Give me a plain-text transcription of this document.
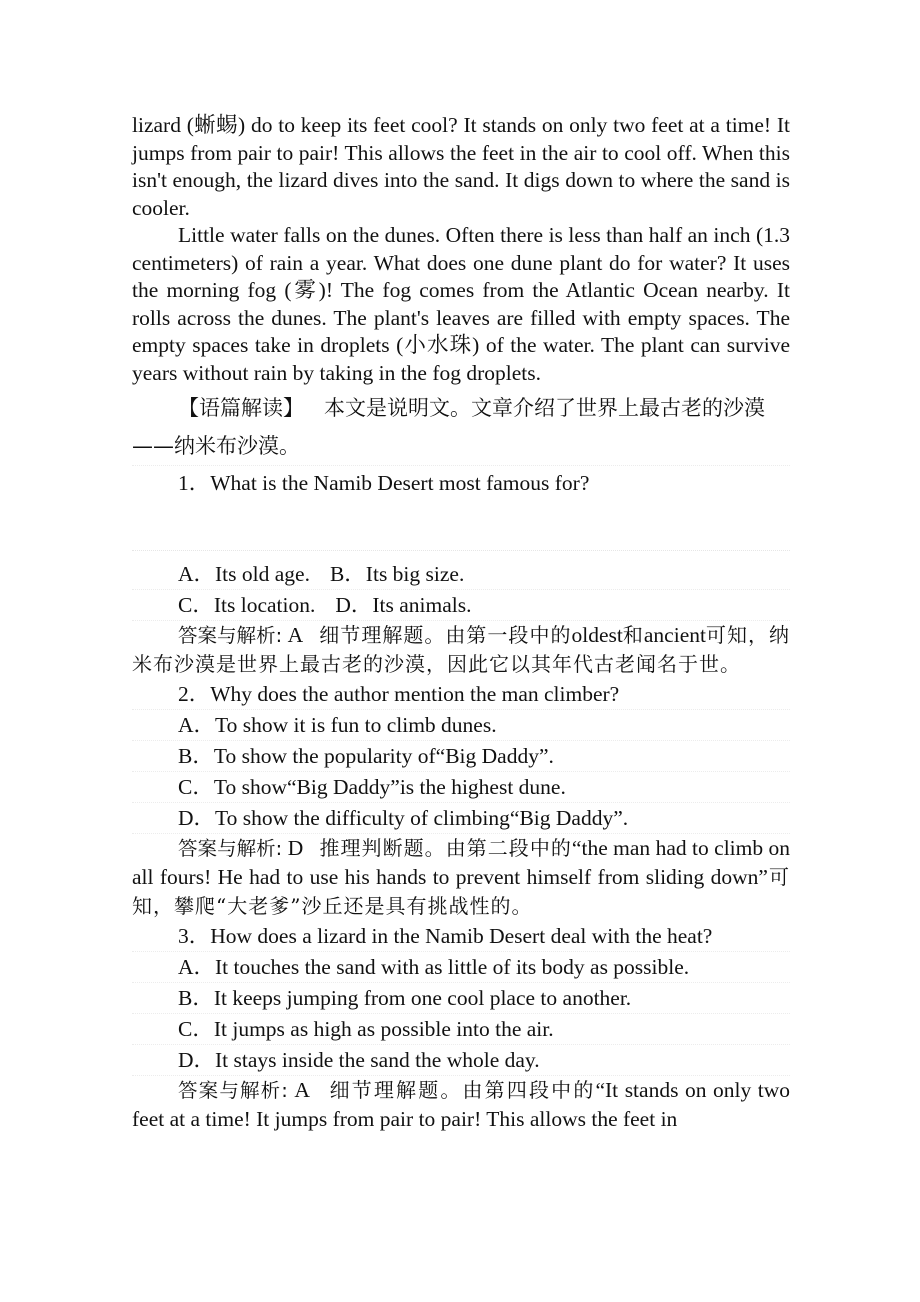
lizard (蜥蜴) do to keep its feet cool? It stands on only two feet at a time! It jumps from pair to pair! This allows the feet in the air to cool off. When this isn't enough, the lizard dives into the sand. It digs down to where the sand is cooler.

Little water falls on the dunes. Often there is less than half an inch (1.3 centimeters) of rain a year. What does one dune plant do for water? It uses the morning fog (雾)! The fog comes from the Atlantic Ocean nearby. It rolls across the dunes. The plant's leaves are filled with empty spaces. The empty spaces take in droplets (小水珠) of the water. The plant can survive years without rain by taking in the fog droplets.

【语篇解读】 本文是说明文。文章介绍了世界上最古老的沙漠——纳米布沙漠。

1．What is the Namib Desert most famous for?

A．Its old age. B．Its big size.

C．Its location. D．Its animals.

答案与解析: A 细节理解题。由第一段中的oldest和ancient可知，纳米布沙漠是世界上最古老的沙漠，因此它以其年代古老闻名于世。

2．Why does the author mention the man climber?

A．To show it is fun to climb dunes.

B．To show the popularity of“Big Daddy”.

C．To show“Big Daddy”is the highest dune.

D．To show the difficulty of climbing“Big Daddy”.

答案与解析: D 推理判断题。由第二段中的“the man had to climb on all fours! He had to use his hands to prevent himself from sliding down”可知，攀爬“大老爹”沙丘还是具有挑战性的。

3．How does a lizard in the Namib Desert deal with the heat?

A．It touches the sand with as little of its body as possible.

B．It keeps jumping from one cool place to another.

C．It jumps as high as possible into the air.

D．It stays inside the sand the whole day.

答案与解析: A 细节理解题。由第四段中的“It stands on only two feet at a time! It jumps from pair to pair! This allows the feet in
